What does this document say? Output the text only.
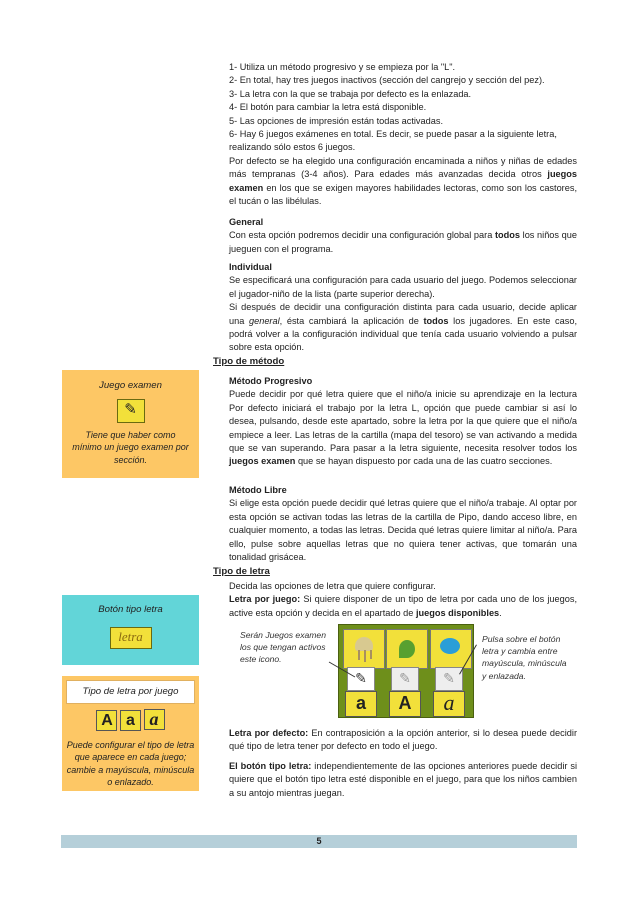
1- Utiliza un método progresivo y se empieza por la "L".

2- En total, hay tres juegos inactivos (sección del cangrejo y sección del pez).

3- La letra con la que se trabaja por defecto es la enlazada.

4- El botón para cambiar la letra está disponible.

5- Las opciones de impresión están todas activadas.

6- Hay 6 juegos exámenes en total. Es decir, se puede pasar a la siguiente letra, realizando sólo estos 6 juegos.

Por defecto se ha elegido una configuración encaminada a niños y niñas de edades más tempranas (3-4 años). Para edades más avanzadas decida otros juegos examen en los que se exigen mayores habilidades lectoras, como son los castores, el tucán o las libélulas.

General

Con esta opción podremos decidir una configuración global para todos los niños que jueguen con el programa.

Individual

Se especificará una configuración para cada usuario del juego. Podemos seleccionar el jugador-niño de la lista (parte superior derecha).

Si después de decidir una configuración distinta para cada usuario, decide aplicar una general, ésta cambiará la aplicación de todos los jugadores. En este caso, podrá volver a la configuración individual que tenía cada usuario volviendo a pulsar sobre esta opción.

Tipo de método

Método Progresivo

Puede decidir por qué letra quiere que el niño/a inicie su aprendizaje en la lectura Por defecto iniciará el trabajo por la letra L, opción que puede cambiar si así lo desea, pulsando, desde este apartado, sobre la letra por la que quiere que el niño/a empiece a leer. Las letras de la cartilla (mapa del tesoro) se van activando a medida que se van superando. Para pasar a la letra siguiente, necesita resolver todos los juegos examen que se hayan dispuesto por cada una de las cuatro secciones.

Método Libre

Si elige esta opción puede decidir qué letras quiere que el niño/a trabaje. Al optar por esta opción se activan todas las letras de la cartilla de Pipo, dando acceso libre, en cualquier momento, a todas las letras. Decida qué letras quiere limitar al niño/a. Para ello, pulse sobre aquellas letras que no quiera tener activas, que tomarán una tonalidad grisácea.

Tipo de letra

Decida las opciones de letra que quiere configurar.

Letra por juego: Si quiere disponer de un tipo de letra por cada uno de los juegos, active esta opción y decida en el apartado de juegos disponibles.

Serán Juegos examen los que tengan activos este icono.
✎	✎	✎
a	A	a
Pulsa sobre el botón letra y cambia entre mayúscula, minúscula y enlazada.

Letra por defecto: En contraposición a la opción anterior, si lo desea puede decidir qué tipo de letra tener por defecto en todo el juego.

El botón tipo letra: independientemente de las opciones anteriores puede decidir si quiere que el botón tipo letra esté disponible en el juego, para que los niños cambien a su antojo mientras juegan.

Juego examen
✎
Tiene que haber como mínimo un juego examen por sección.
Botón tipo letra
letra
Tipo de letra por juego
A a a
Puede configurar el tipo de letra que aparece en cada juego; cambie a mayúscula, minúscula o enlazado.
5
